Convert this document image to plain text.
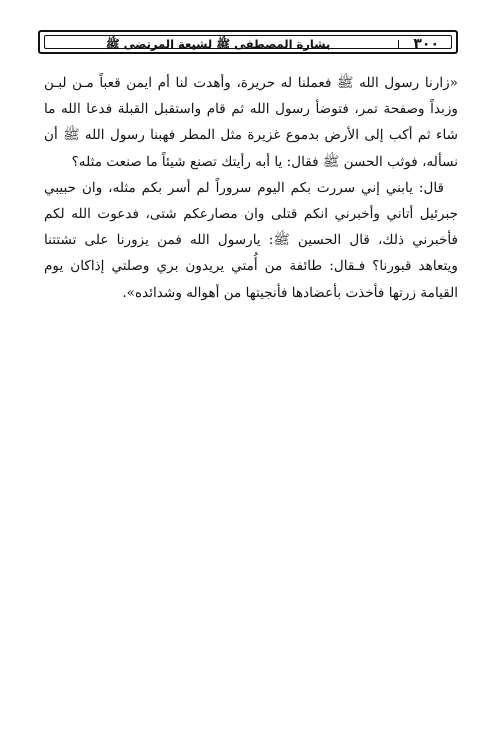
٣٠٠
بشارة المصطفى ﷺ لشيعة المرتضى ﷺ

«زارنا رسول الله ﷺ فعملنا له حريرة، وأهدت لنا أم ايمن قعباً مـن لبـن وزبداً وصفحة تمر، فتوضأ رسول الله ثم قام واستقبل القبلة فدعا الله ما شاء ثم أكب إلى الأرض بدموع غزيرة مثل المطر فهبنا رسول الله ﷺ أن نسأله، فوثب الحسن ﷺ فقال: يا أبه رأيتك تصنع شيئاً ما صنعت مثله؟

قال: يابني إني سررت بكم اليوم سروراً لم أسر بكم مثله، وان حبيبي جبرئيل أتاني وأخبرني انكم قتلى وان مصارعكم شتى، فدعوت الله لكم فأخبرني ذلك، قال الحسين ﷺ: يارسول الله فمن يزورنا على تشتتنا ويتعاهد قبورنا؟ فـقال: طائفة من أُمتي يريدون بري وصلتي إذاكان يوم القيامة زرتها فأخذت بأعضادها فأنجيتها من أهواله وشدائده».
